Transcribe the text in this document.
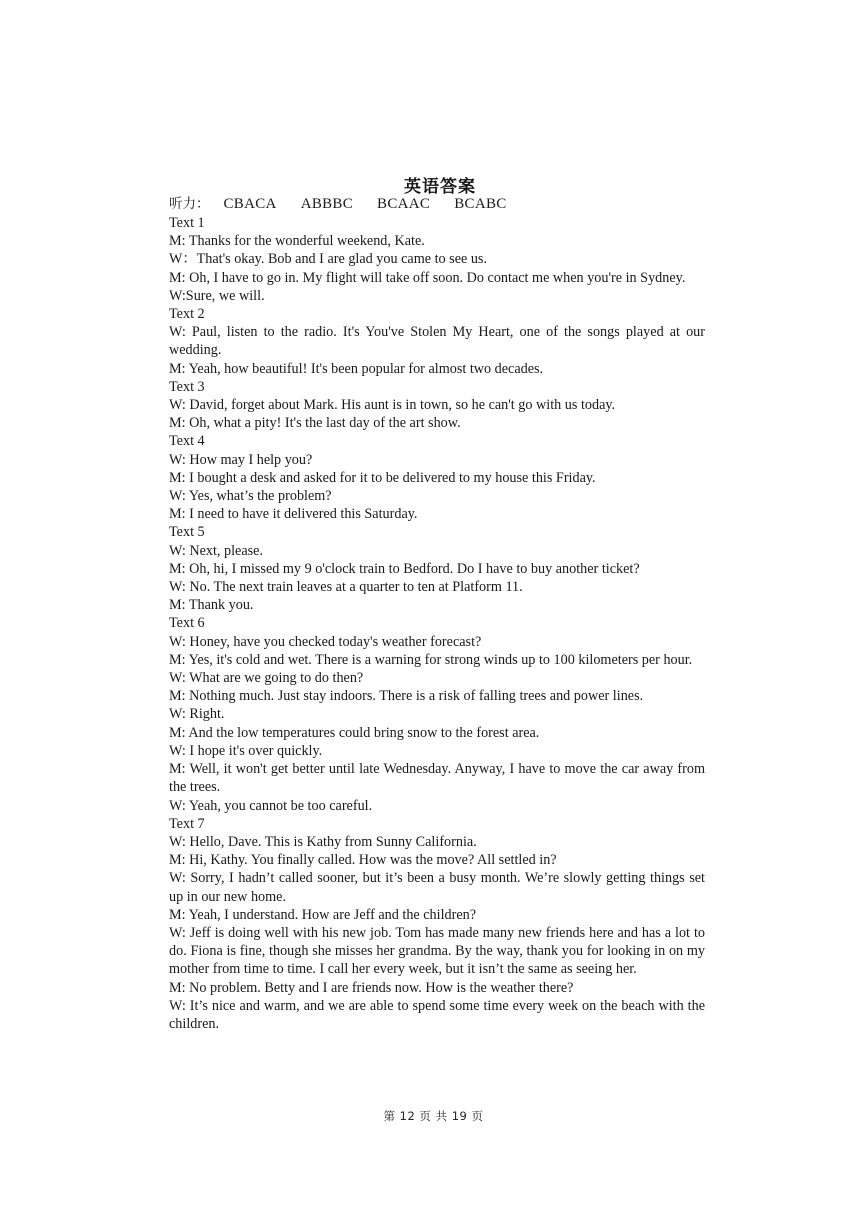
英语答案
听力： CBACA ABBBC BCAAC BCABC
Text 1
M: Thanks for the wonderful weekend, Kate.
W：That's okay. Bob and I are glad you came to see us.
M: Oh, I have to go in. My flight will take off soon. Do contact me when you're in Sydney.
W:Sure, we will.
Text 2
W: Paul, listen to the radio. It's You've Stolen My Heart, one of the songs played at our wedding.
M: Yeah, how beautiful! It's been popular for almost two decades.
Text 3
W: David, forget about Mark. His aunt is in town, so he can't go with us today.
M: Oh, what a pity! It's the last day of the art show.
Text 4
W: How may I help you?
M: I bought a desk and asked for it to be delivered to my house this Friday.
W: Yes, what’s the problem?
M: I need to have it delivered this Saturday.
Text 5
W: Next, please.
M: Oh, hi, I missed my 9 o'clock train to Bedford. Do I have to buy another ticket?
W: No. The next train leaves at a quarter to ten at Platform 11.
M: Thank you.
Text 6
W: Honey, have you checked today's weather forecast?
M: Yes, it's cold and wet. There is a warning for strong winds up to 100 kilometers per hour.
W: What are we going to do then?
M: Nothing much. Just stay indoors. There is a risk of falling trees and power lines.
W: Right.
M: And the low temperatures could bring snow to the forest area.
W: I hope it's over quickly.
M: Well, it won't get better until late Wednesday. Anyway, I have to move the car away from the trees.
W: Yeah, you cannot be too careful.
Text 7
W: Hello, Dave. This is Kathy from Sunny California.
M: Hi, Kathy. You finally called. How was the move? All settled in?
W: Sorry, I hadn’t called sooner, but it’s been a busy month. We’re slowly getting things set up in our new home.
M: Yeah, I understand. How are Jeff and the children?
W: Jeff is doing well with his new job. Tom has made many new friends here and has a lot to do. Fiona is fine, though she misses her grandma. By the way, thank you for looking in on my mother from time to time. I call her every week, but it isn’t the same as seeing her.
M: No problem. Betty and I are friends now. How is the weather there?
W: It’s nice and warm, and we are able to spend some time every week on the beach with the children.
第 12 页 共 19 页
